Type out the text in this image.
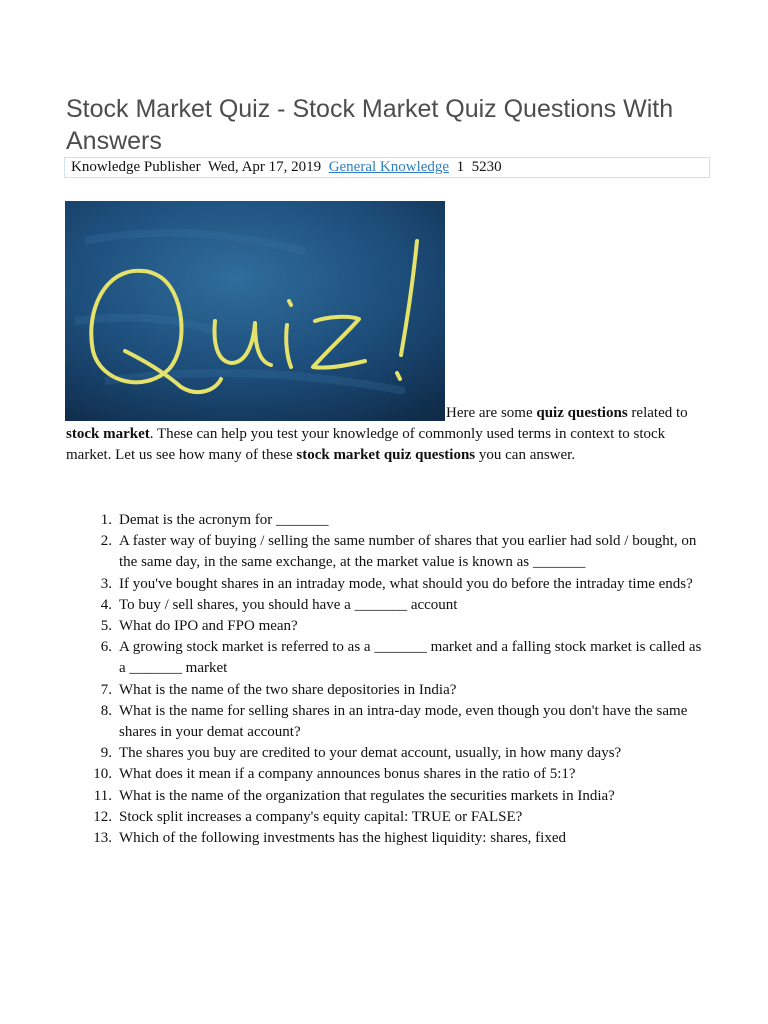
Stock Market Quiz - Stock Market Quiz Questions With Answers
Knowledge Publisher Wed, Apr 17, 2019 General Knowledge 1 5230

Here are some quiz questions related to stock market. These can help you test your knowledge of commonly used terms in context to stock market. Let us see how many of these stock market quiz questions you can answer.

1. Demat is the acronym for _______
2. A faster way of buying / selling the same number of shares that you earlier had sold / bought, on the same day, in the same exchange, at the market value is known as _______
3. If you've bought shares in an intraday mode, what should you do before the intraday time ends?
4. To buy / sell shares, you should have a _______ account
5. What do IPO and FPO mean?
6. A growing stock market is referred to as a _______ market and a falling stock market is called as a _______ market
7. What is the name of the two share depositories in India?
8. What is the name for selling shares in an intra-day mode, even though you don't have the same shares in your demat account?
9. The shares you buy are credited to your demat account, usually, in how many days?
10. What does it mean if a company announces bonus shares in the ratio of 5:1?
11. What is the name of the organization that regulates the securities markets in India?
12. Stock split increases a company's equity capital: TRUE or FALSE?
13. Which of the following investments has the highest liquidity: shares, fixed
